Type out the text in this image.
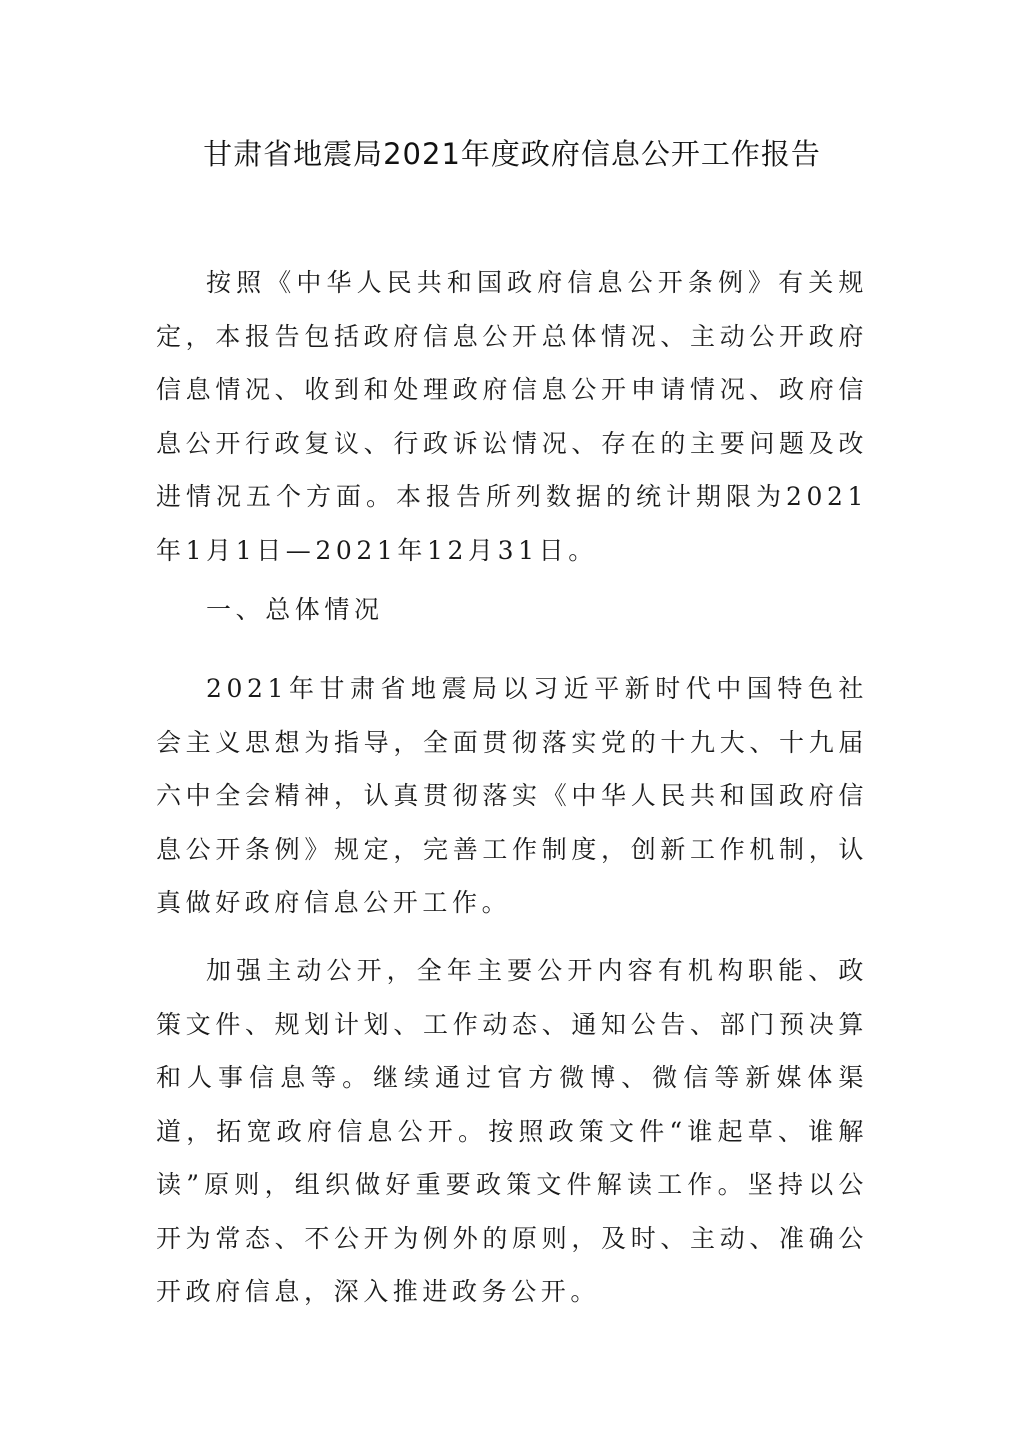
甘肃省地震局2021年度政府信息公开工作报告

按照《中华人民共和国政府信息公开条例》有关规定，本报告包括政府信息公开总体情况、主动公开政府信息情况、收到和处理政府信息公开申请情况、政府信息公开行政复议、行政诉讼情况、存在的主要问题及改进情况五个方面。本报告所列数据的统计期限为2021年1月1日—2021年12月31日。

一、总体情况

2021年甘肃省地震局以习近平新时代中国特色社会主义思想为指导，全面贯彻落实党的十九大、十九届六中全会精神，认真贯彻落实《中华人民共和国政府信息公开条例》规定，完善工作制度，创新工作机制，认真做好政府信息公开工作。

加强主动公开，全年主要公开内容有机构职能、政策文件、规划计划、工作动态、通知公告、部门预决算和人事信息等。继续通过官方微博、微信等新媒体渠道，拓宽政府信息公开。按照政策文件“谁起草、谁解读”原则，组织做好重要政策文件解读工作。坚持以公开为常态、不公开为例外的原则，及时、主动、准确公开政府信息，深入推进政务公开。
